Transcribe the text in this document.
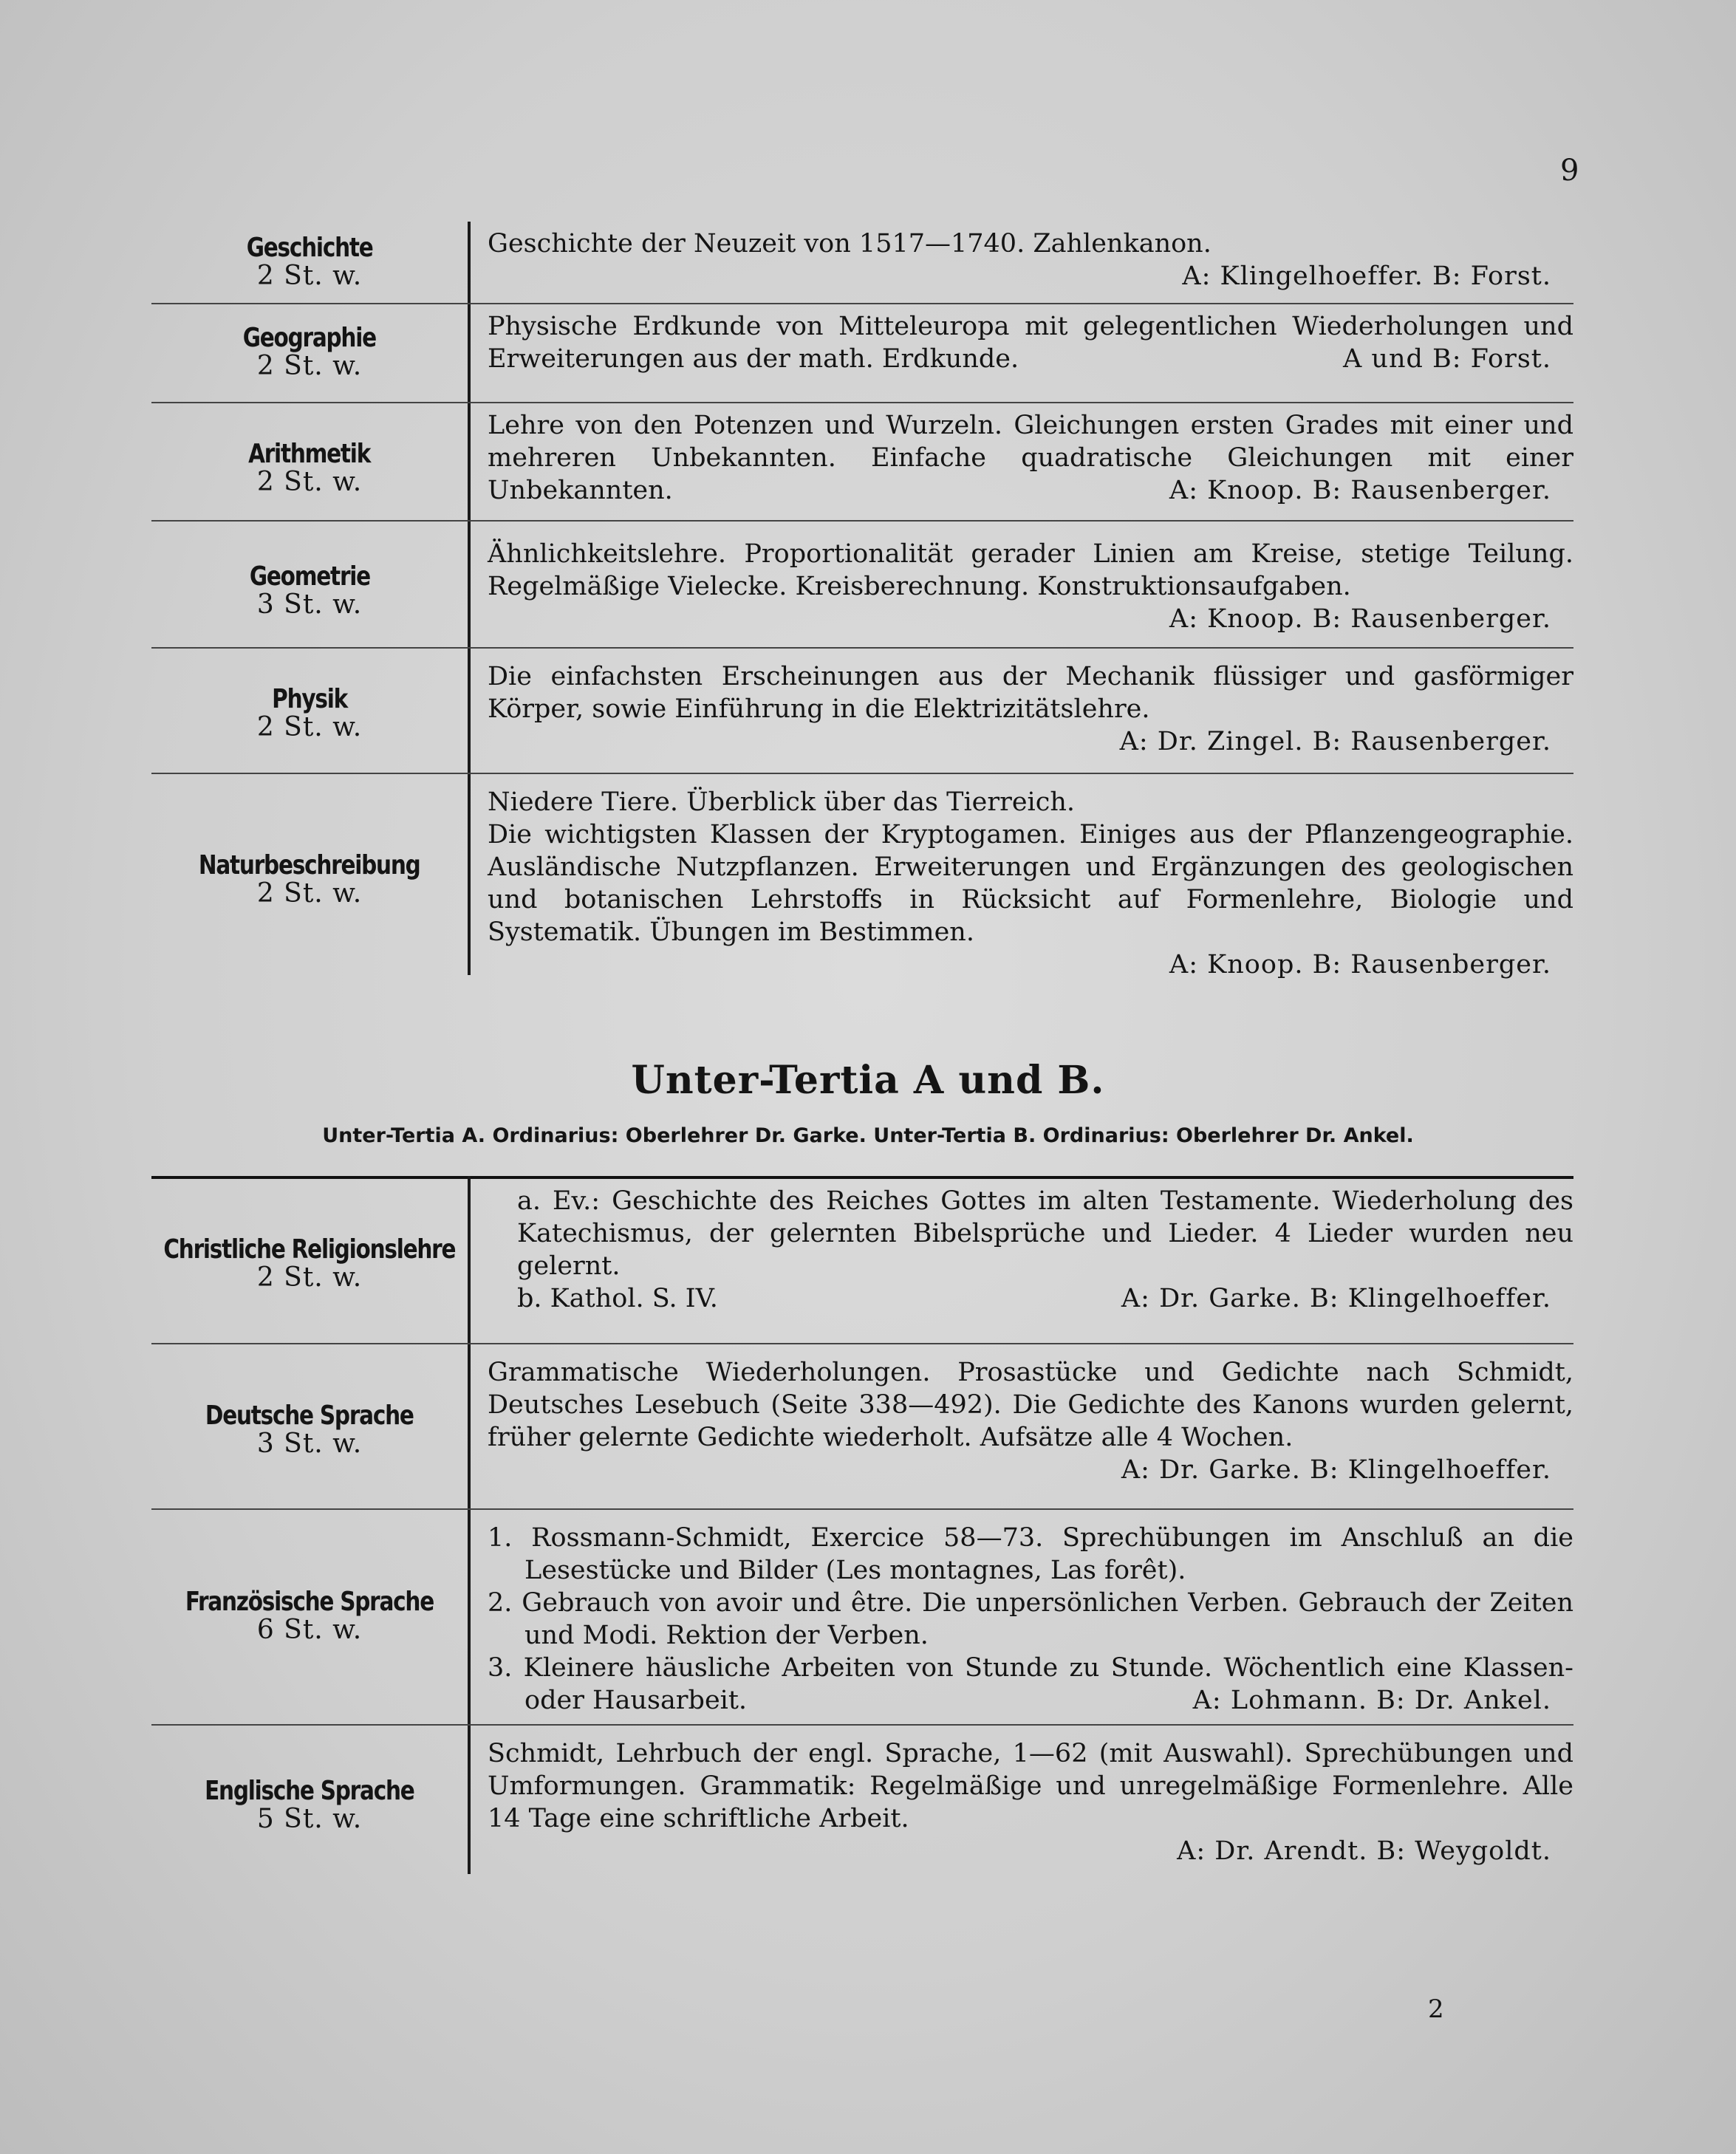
9
Geschichte
2 St. w.

Geschichte der Neuzeit von 1517—1740. Zahlenkanon.

A: Klingelhoeffer. B: Forst.

Geographie
2 St. w.

Physische Erdkunde von Mitteleuropa mit gelegentlichen Wiederholungen und Erweiterungen aus der math. Erdkunde.	A und B: Forst.

Arithmetik
2 St. w.

Lehre von den Potenzen und Wurzeln. Gleichungen ersten Grades mit einer und mehreren Unbekannten. Einfache quadratische Gleichungen mit einer Unbekannten.	A: Knoop. B: Rausenberger.

Geometrie
3 St. w.

Ähnlichkeitslehre. Proportionalität gerader Linien am Kreise, stetige Teilung. Regelmäßige Vielecke. Kreisberechnung. Konstruktionsaufgaben.

A: Knoop. B: Rausenberger.

Physik
2 St. w.

Die einfachsten Erscheinungen aus der Mechanik flüssiger und gasförmiger Körper, sowie Einführung in die Elektrizitätslehre.

A: Dr. Zingel. B: Rausenberger.

Naturbeschreibung
2 St. w.

Niedere Tiere. Überblick über das Tierreich.

Die wichtigsten Klassen der Kryptogamen. Einiges aus der Pflanzengeographie. Ausländische Nutzpflanzen. Erweiterungen und Ergänzungen des geologischen und botanischen Lehrstoffs in Rücksicht auf Formenlehre, Biologie und Systematik. Übungen im Bestimmen.

A: Knoop. B: Rausenberger.

Unter-Tertia A und B.
Unter-Tertia A. Ordinarius: Oberlehrer Dr. Garke. Unter-Tertia B. Ordinarius: Oberlehrer Dr. Ankel.
Christliche Religionslehre
2 St. w.

a. Ev.: Geschichte des Reiches Gottes im alten Testamente. Wiederholung des Katechismus, der gelernten Bibelsprüche und Lieder. 4 Lieder wurden neu gelernt.

b. Kathol. S. IV.	A: Dr. Garke. B: Klingelhoeffer.

Deutsche Sprache
3 St. w.

Grammatische Wiederholungen. Prosastücke und Gedichte nach Schmidt, Deutsches Lesebuch (Seite 338—492). Die Gedichte des Kanons wurden gelernt, früher gelernte Gedichte wiederholt. Aufsätze alle 4 Wochen.

A: Dr. Garke. B: Klingelhoeffer.

Französische Sprache
6 St. w.

1. Rossmann-Schmidt, Exercice 58—73. Sprechübungen im Anschluß an die Lesestücke und Bilder (Les montagnes, Las forêt).

2. Gebrauch von avoir und être. Die unpersönlichen Verben. Gebrauch der Zeiten und Modi. Rektion der Verben.

3. Kleinere häusliche Arbeiten von Stunde zu Stunde. Wöchentlich eine Klassen- oder Hausarbeit.	A: Lohmann. B: Dr. Ankel.

Englische Sprache
5 St. w.

Schmidt, Lehrbuch der engl. Sprache, 1—62 (mit Auswahl). Sprechübungen und Umformungen. Grammatik: Regelmäßige und unregelmäßige Formenlehre. Alle 14 Tage eine schriftliche Arbeit.

A: Dr. Arendt. B: Weygoldt.

2
